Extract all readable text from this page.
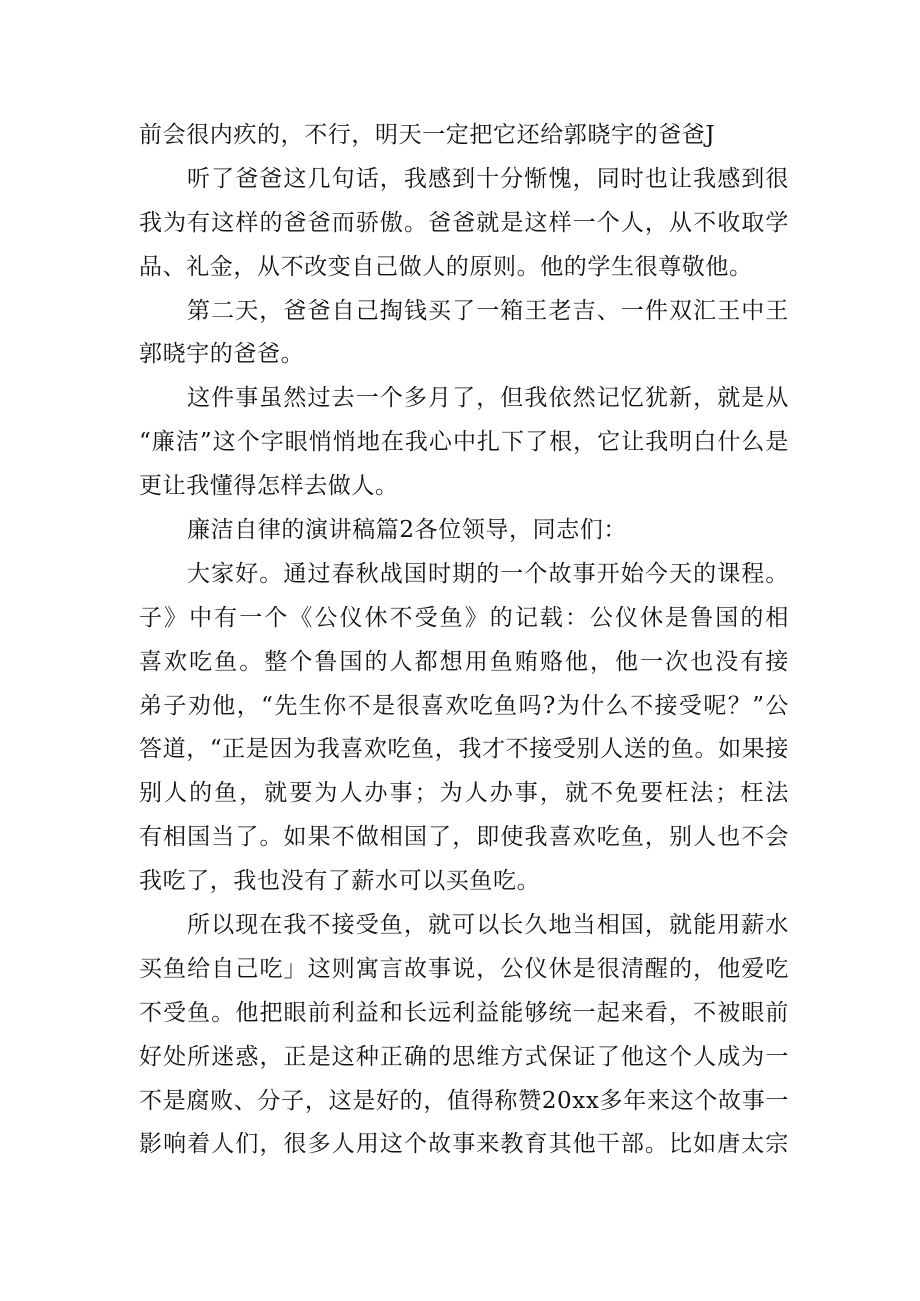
前会很内疚的，不行，明天一定把它还给郭晓宇的爸爸J
听了爸爸这几句话，我感到十分惭愧，同时也让我感到很
我为有这样的爸爸而骄傲。爸爸就是这样一个人，从不收取学
品、礼金，从不改变自己做人的原则。他的学生很尊敬他。
第二天，爸爸自己掏钱买了一箱王老吉、一件双汇王中王
郭晓宇的爸爸。
这件事虽然过去一个多月了，但我依然记忆犹新，就是从
“廉洁”这个字眼悄悄地在我心中扎下了根，它让我明白什么是
更让我懂得怎样去做人。
廉洁自律的演讲稿篇2各位领导，同志们：
大家好。通过春秋战国时期的一个故事开始今天的课程。
子》中有一个《公仪休不受鱼》的记载：公仪休是鲁国的相
喜欢吃鱼。整个鲁国的人都想用鱼贿赂他，他一次也没有接
弟子劝他，“先生你不是很喜欢吃鱼吗?为什么不接受呢？”公
答道，“正是因为我喜欢吃鱼，我才不接受别人送的鱼。如果接
别人的鱼，就要为人办事；为人办事，就不免要枉法；枉法
有相国当了。如果不做相国了，即使我喜欢吃鱼，别人也不会
我吃了，我也没有了薪水可以买鱼吃。
所以现在我不接受鱼，就可以长久地当相国，就能用薪水
买鱼给自己吃」这则寓言故事说，公仪休是很清醒的，他爱吃
不受鱼。他把眼前利益和长远利益能够统一起来看，不被眼前
好处所迷惑，正是这种正确的思维方式保证了他这个人成为一
不是腐败、分子，这是好的，值得称赞20xx多年来这个故事一
影响着人们，很多人用这个故事来教育其他干部。比如唐太宗
